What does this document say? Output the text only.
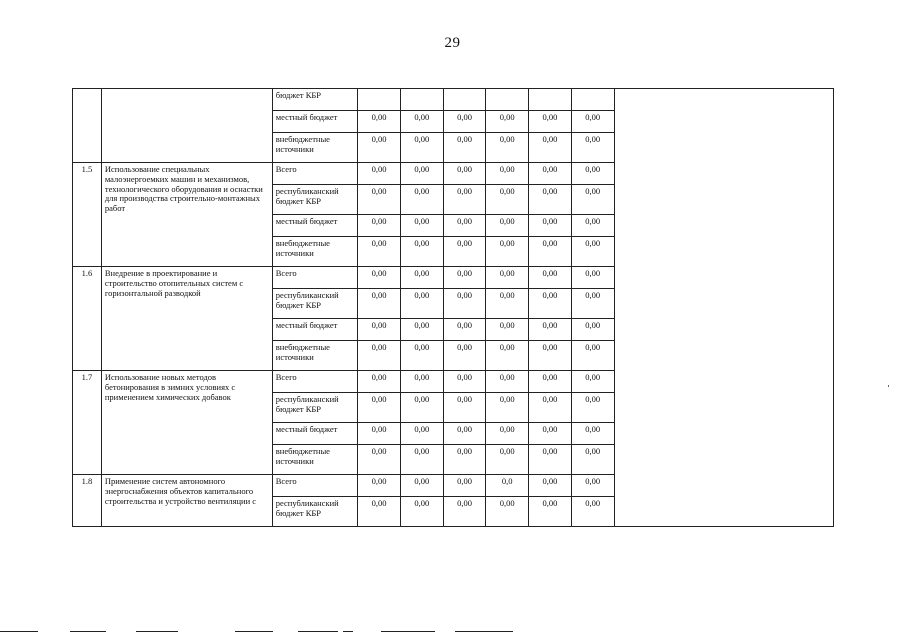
29
		бюджет КБР							
		местный бюджет	0,00	0,00	0,00	0,00	0,00	0,00	
		внебюджетные источники	0,00	0,00	0,00	0,00	0,00	0,00	
1.5	Использование специальных малоэнергоемких машин и механизмов, технологического оборудования и оснастки для производства строительно-монтажных работ	Всего	0,00	0,00	0,00	0,00	0,00	0,00	
		республиканский бюджет КБР	0,00	0,00	0,00	0,00	0,00	0,00	
		местный бюджет	0,00	0,00	0,00	0,00	0,00	0,00	
		внебюджетные источники	0,00	0,00	0,00	0,00	0,00	0,00	
1.6	Внедрение в проектирование и строительство отопительных систем с горизонтальной разводкой	Всего	0,00	0,00	0,00	0,00	0,00	0,00	
		республиканский бюджет КБР	0,00	0,00	0,00	0,00	0,00	0,00	
		местный бюджет	0,00	0,00	0,00	0,00	0,00	0,00	
		внебюджетные источники	0,00	0,00	0,00	0,00	0,00	0,00	
1.7	Использование новых методов бетонирования в зимних условиях с применением химических добавок	Всего	0,00	0,00	0,00	0,00	0,00	0,00	
		республиканский бюджет КБР	0,00	0,00	0,00	0,00	0,00	0,00	
		местный бюджет	0,00	0,00	0,00	0,00	0,00	0,00	
		внебюджетные источники	0,00	0,00	0,00	0,00	0,00	0,00	
1.8	Применение систем автономного энергоснабжения объектов капитального строительства и устройство вентиляции с	Всего	0,00	0,00	0,00	0,0	0,00	0,00	
		республиканский бюджет КБР	0,00	0,00	0,00	0,00	0,00	0,00	
